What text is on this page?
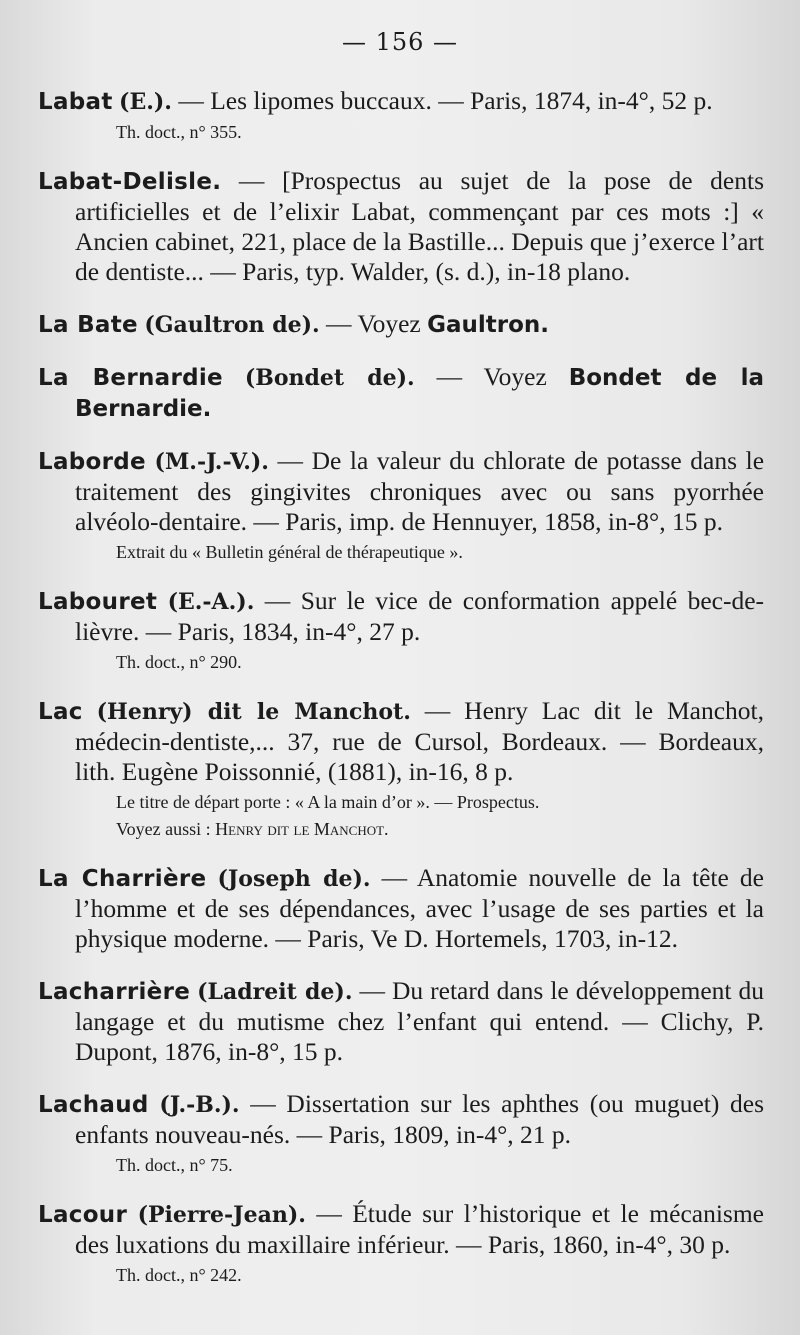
— 156 —
Labat (E.). — Les lipomes buccaux. — Paris, 1874, in-4°, 52 p.
Th. doct., n° 355.
Labat-Delisle. — [Prospectus au sujet de la pose de dents artificielles et de l’elixir Labat, commençant par ces mots :] « Ancien cabinet, 221, place de la Bastille... Depuis que j’exerce l’art de dentiste... — Paris, typ. Walder, (s. d.), in-18 plano.
La Bate (Gaultron de). — Voyez Gaultron.
La Bernardie (Bondet de). — Voyez Bondet de la Bernardie.
Laborde (M.-J.-V.). — De la valeur du chlorate de potasse dans le traitement des gingivites chroniques avec ou sans pyorrhée alvéolo-dentaire. — Paris, imp. de Hennuyer, 1858, in-8°, 15 p.
Extrait du « Bulletin général de thérapeutique ».
Labouret (E.-A.). — Sur le vice de conformation appelé bec-de-lièvre. — Paris, 1834, in-4°, 27 p.
Th. doct., n° 290.
Lac (Henry) dit le Manchot. — Henry Lac dit le Manchot, médecin-dentiste,... 37, rue de Cursol, Bordeaux. — Bordeaux, lith. Eugène Poissonnié, (1881), in-16, 8 p.
Le titre de départ porte : « A la main d’or ». — Prospectus.
Voyez aussi : Henry dit le Manchot.
La Charrière (Joseph de). — Anatomie nouvelle de la tête de l’homme et de ses dépendances, avec l’usage de ses parties et la physique moderne. — Paris, Ve D. Hortemels, 1703, in-12.
Lacharrière (Ladreit de). — Du retard dans le développement du langage et du mutisme chez l’enfant qui entend. — Clichy, P. Dupont, 1876, in-8°, 15 p.
Lachaud (J.-B.). — Dissertation sur les aphthes (ou muguet) des enfants nouveau-nés. — Paris, 1809, in-4°, 21 p.
Th. doct., n° 75.
Lacour (Pierre-Jean). — Étude sur l’historique et le mécanisme des luxations du maxillaire inférieur. — Paris, 1860, in-4°, 30 p.
Th. doct., n° 242.
